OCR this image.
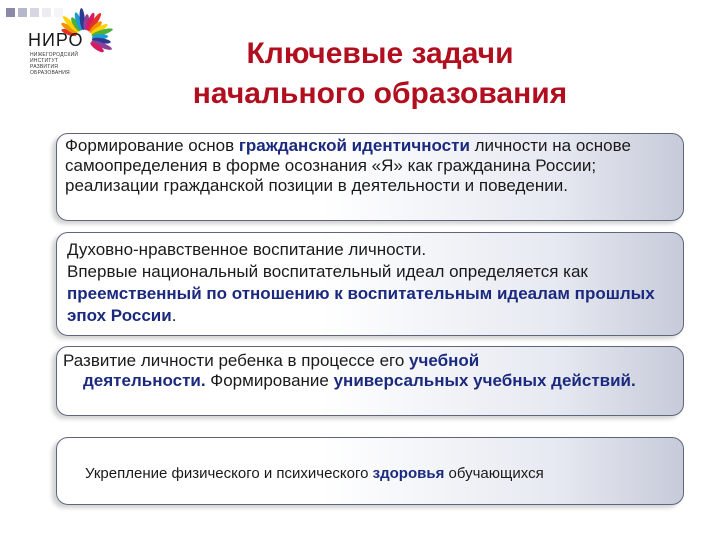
НИРО
НИЖЕГОРОДСКИЙ
ИНСТИТУТ
РАЗВИТИЯ
ОБРАЗОВАНИЯ
Ключевые задачи
начального образования
Формирование основ гражданской идентичности личности на основе самоопределения в форме осознания «Я» как гражданина России; реализации гражданской позиции в деятельности и поведении.
Духовно-нравственное воспитание личности.
Впервые национальный воспитательный идеал определяется как преемственный по отношению к воспитательным идеалам прошлых эпох России.
Развитие личности ребенка в процессе его учебной
деятельности. Формирование универсальных учебных действий.
Укрепление физического и психического здоровья обучающихся
